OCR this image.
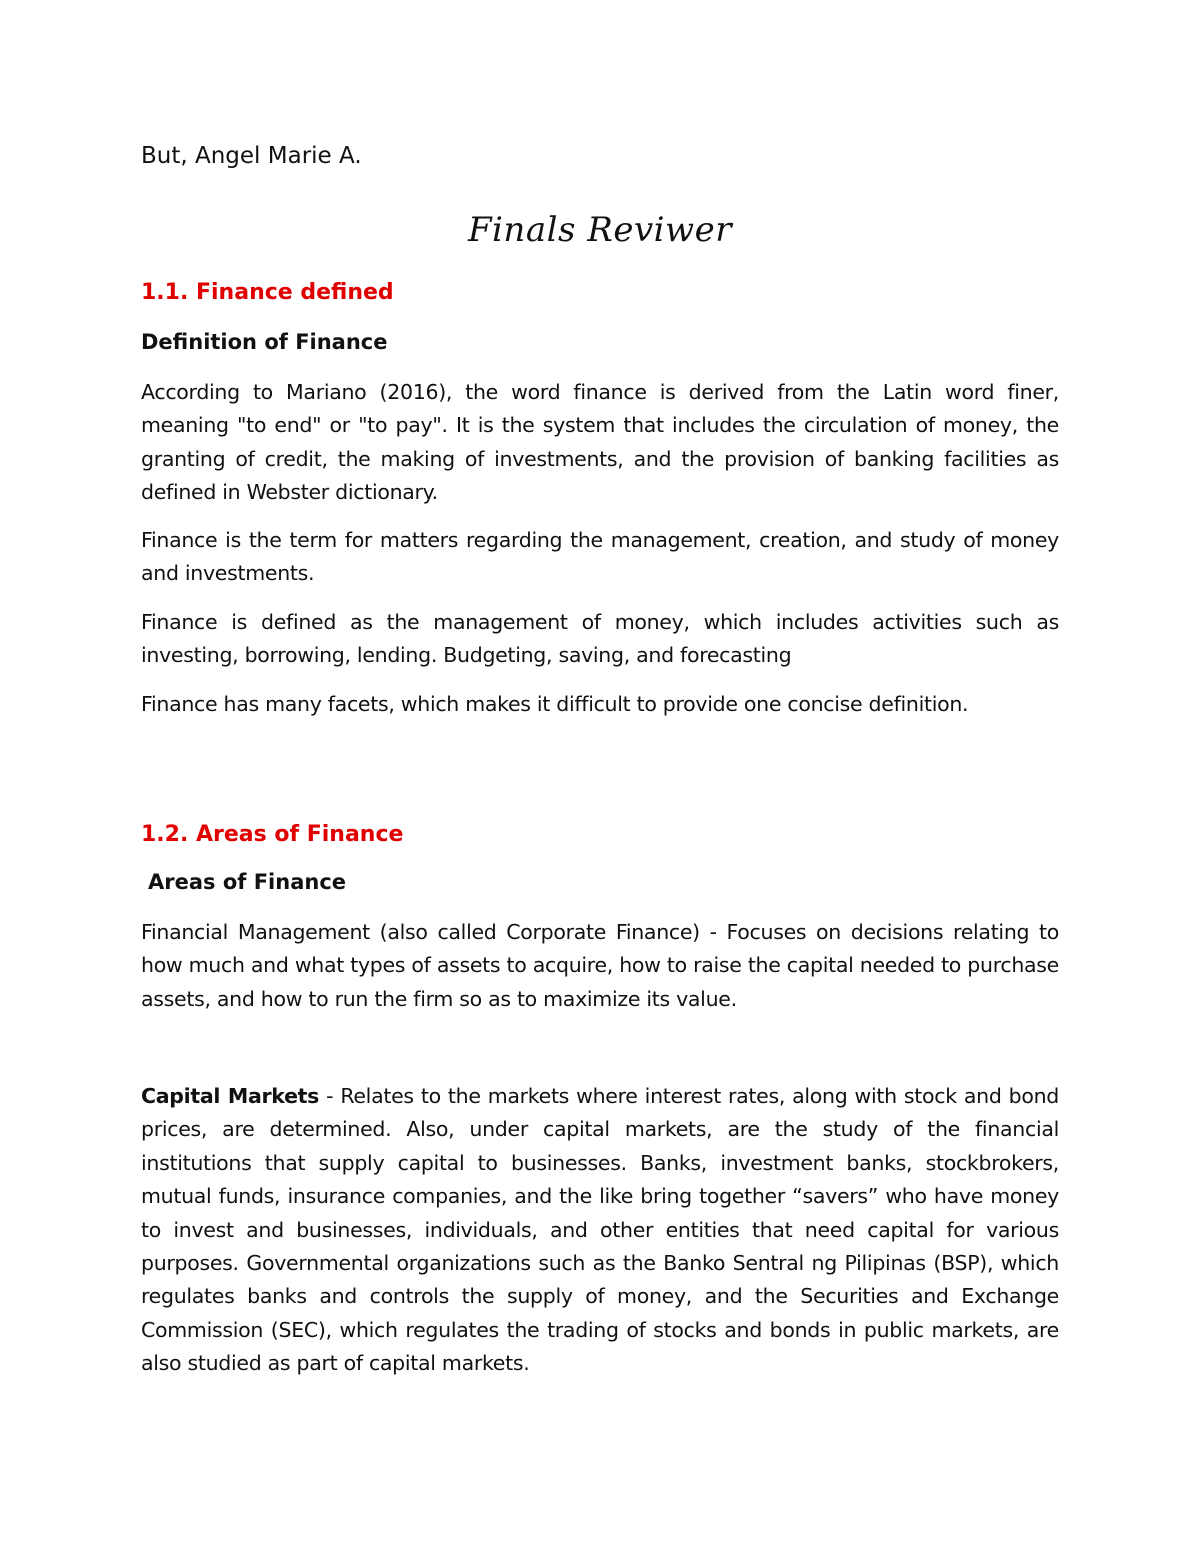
But, Angel Marie A.

Finals Reviwer
1.1. Finance defined
Definition of Finance

According to Mariano (2016), the word finance is derived from the Latin word finer, meaning "to end" or "to pay". It is the system that includes the circulation of money, the granting of credit, the making of investments, and the provision of banking facilities as defined in Webster dictionary.

Finance is the term for matters regarding the management, creation, and study of money and investments.

Finance is defined as the management of money, which includes activities such as investing, borrowing, lending. Budgeting, saving, and forecasting

Finance has many facets, which makes it difficult to provide one concise definition.

1.2. Areas of Finance
Areas of Finance

Financial Management (also called Corporate Finance) - Focuses on decisions relating to how much and what types of assets to acquire, how to raise the capital needed to purchase assets, and how to run the firm so as to maximize its value.

Capital Markets - Relates to the markets where interest rates, along with stock and bond prices, are determined. Also, under capital markets, are the study of the financial institutions that supply capital to businesses. Banks, investment banks, stockbrokers, mutual funds, insurance companies, and the like bring together “savers” who have money to invest and businesses, individuals, and other entities that need capital for various purposes. Governmental organizations such as the Banko Sentral ng Pilipinas (BSP), which regulates banks and controls the supply of money, and the Securities and Exchange Commission (SEC), which regulates the trading of stocks and bonds in public markets, are also studied as part of capital markets.
